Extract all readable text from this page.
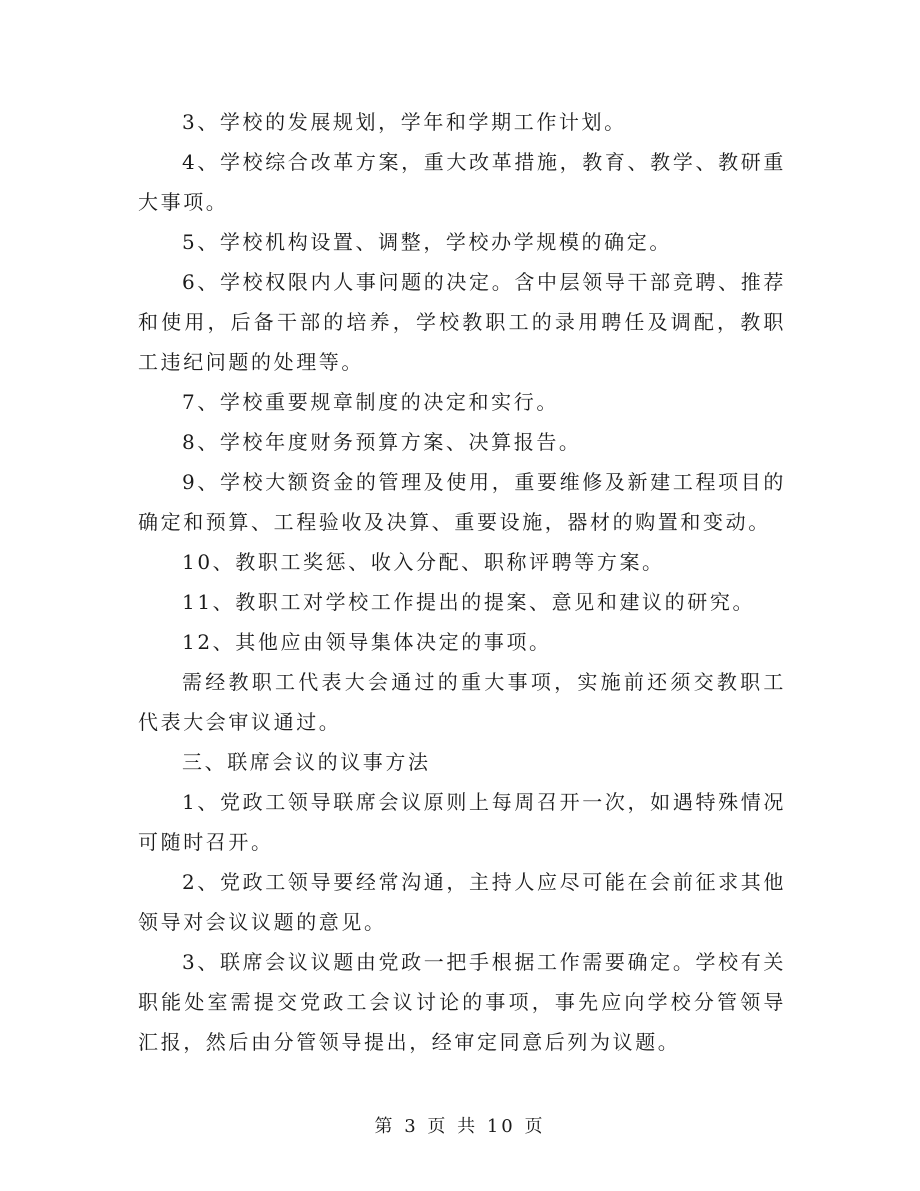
3、学校的发展规划，学年和学期工作计划。

4、学校综合改革方案，重大改革措施，教育、教学、教研重大事项。

5、学校机构设置、调整，学校办学规模的确定。

6、学校权限内人事问题的决定。含中层领导干部竞聘、推荐和使用，后备干部的培养，学校教职工的录用聘任及调配，教职工违纪问题的处理等。

7、学校重要规章制度的决定和实行。

8、学校年度财务预算方案、决算报告。

9、学校大额资金的管理及使用，重要维修及新建工程项目的确定和预算、工程验收及决算、重要设施，器材的购置和变动。

10、教职工奖惩、收入分配、职称评聘等方案。

11、教职工对学校工作提出的提案、意见和建议的研究。

12、其他应由领导集体决定的事项。

需经教职工代表大会通过的重大事项，实施前还须交教职工代表大会审议通过。

三、联席会议的议事方法

1、党政工领导联席会议原则上每周召开一次，如遇特殊情况可随时召开。

2、党政工领导要经常沟通，主持人应尽可能在会前征求其他领导对会议议题的意见。

3、联席会议议题由党政一把手根据工作需要确定。学校有关职能处室需提交党政工会议讨论的事项，事先应向学校分管领导汇报，然后由分管领导提出，经审定同意后列为议题。

第 3 页 共 10 页
